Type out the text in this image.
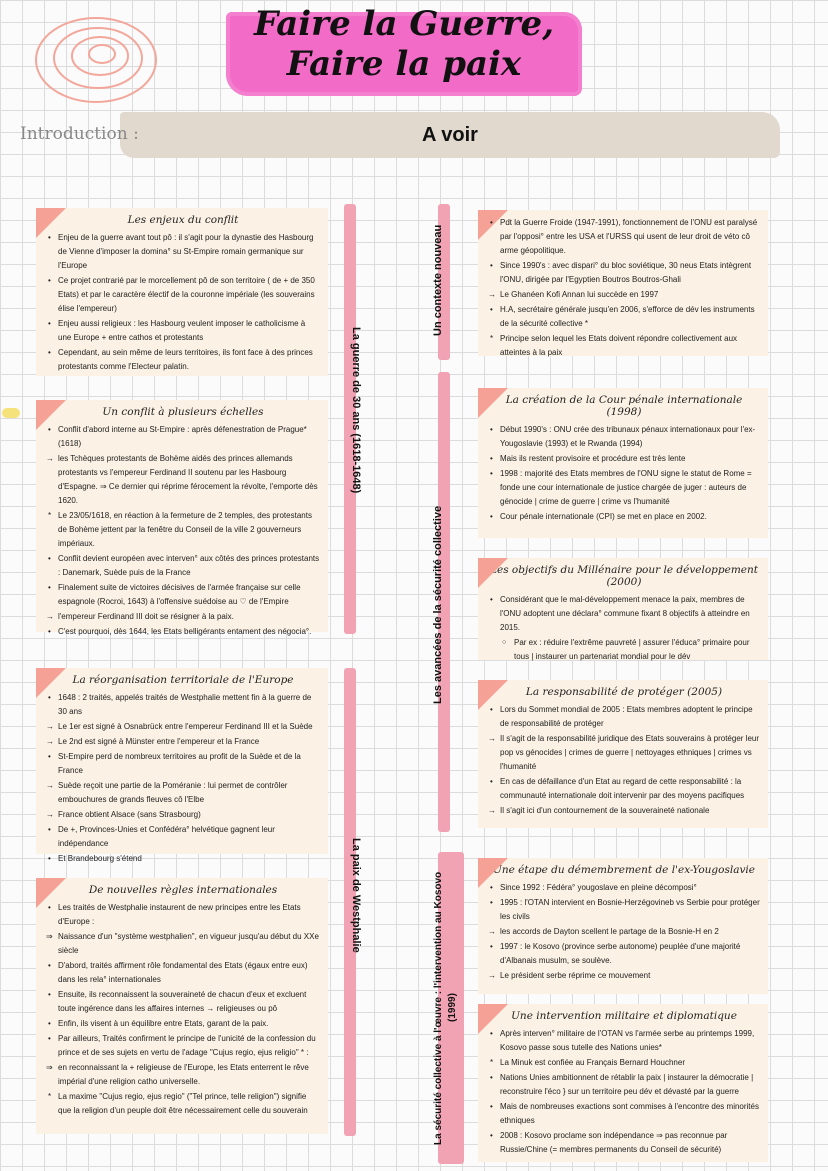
Faire la Guerre,
Faire la paix
Introduction :	A voir
Les enjeux du conflit
• Enjeu de la guerre avant tout pô : il s'agit pour la dynastie des Hasbourg de Vienne d'imposer la domina° su St-Empire romain germanique sur l'Europe
• Ce projet contrarié par le morcellement pô de son territoire ( de + de 350 Etats) et par le caractère électif de la couronne impériale (les souverains élise l'empereur)
• Enjeu aussi religieux : les Hasbourg veulent imposer le catholicisme à une Europe + entre cathos et protestants
• Cependant, au sein même de leurs territoires, ils font face à des princes protestants comme l'Electeur palatin.
Un conflit à plusieurs échelles
• Conflit d'abord interne au St-Empire : après défenestration de Prague* (1618)
→ les Tchèques protestants de Bohème aidés des princes allemands protestants vs l'empereur Ferdinand II soutenu par les Hasbourg d'Espagne. ⇒ Ce dernier qui réprime férocement la révolte, l'emporte dès 1620.
* Le 23/05/1618, en réaction à la fermeture de 2 temples, des protestants de Bohème jettent par la fenêtre du Conseil de la ville 2 gouverneurs impériaux.
• Conflit devient européen avec interven° aux côtés des princes protestants : Danemark, Suède puis de la France
• Finalement suite de victoires décisives de l'armée française sur celle espagnole (Rocroi, 1643) à l'offensive suédoise au ♡ de l'Empire
→ l'empereur Ferdinand III doit se résigner à la paix.
• C'est pourquoi, dès 1644, les Etats belligérants entament des négocia°.
La réorganisation territoriale de l'Europe
• 1648 : 2 traités, appelés traités de Westphalie mettent fin à la guerre de 30 ans
→ Le 1er est signé à Osnabrück entre l'empereur Ferdinand III et la Suède
→ Le 2nd est signé à Münster entre l'empereur et la France
• St-Empire perd de nombreux territoires au profit de la Suède et de la France
→ Suède reçoit une partie de la Poméranie : lui permet de contrôler embouchures de grands fleuves cô l'Elbe
→ France obtient Alsace (sans Strasbourg)
• De +, Provinces-Unies et Confédéra° helvétique gagnent leur indépendance
• Et Brandebourg s'étend
De nouvelles règles internationales
• Les traités de Westphalie instaurent de new principes entre les Etats d'Europe :
⇒ Naissance d'un "système westphalien", en vigueur jusqu'au début du XXe siècle
• D'abord, traités affirment rôle fondamental des Etats (égaux entre eux) dans les rela° internationales
• Ensuite, ils reconnaissent la souveraineté de chacun d'eux et excluent toute ingérence dans les affaires internes → religieuses ou pô
• Enfin, ils visent à un équilibre entre Etats, garant de la paix.
• Par ailleurs, Traités confirment le principe de l'unicité de la confession du prince et de ses sujets en vertu de l'adage "Cujus regio, ejus religio" * :
⇒ en reconnaissant la + religieuse de l'Europe, les Etats enterrent le rêve impérial d'une religion catho universelle.
* La maxime "Cujus regio, ejus regio" ("Tel prince, telle religion") signifie que la religion d'un peuple doit être nécessairement celle du souverain
La guerre de 30 ans (1618-1648)
La paix de Westphalie
Un contexte nouveau
Les avancées de la sécurité collective
La sécurité collective à l'œuvre : l'intervention au Kosovo (1999)
• Pdt la Guerre Froide (1947-1991), fonctionnement de l'ONU est paralysé par l'opposi° entre les USA et l'URSS qui usent de leur droit de véto cô arme géopolitique.
• Since 1990's : avec dispari° du bloc soviétique, 30 neus Etats intègrent l'ONU, dirigée par l'Egyptien Boutros Boutros-Ghali
→ Le Ghanéen Kofi Annan lui succède en 1997
• H.A, secrétaire générale jusqu'en 2006, s'efforce de dév les instruments de la sécurité collective *
* Principe selon lequel les Etats doivent répondre collectivement aux atteintes à la paix
La création de la Cour pénale internationale (1998)
• Début 1990's : ONU crée des tribunaux pénaux internationaux pour l'ex-Yougoslavie (1993) et le Rwanda (1994)
• Mais ils restent provisoire et procédure est très lente
• 1998 : majorité des Etats membres de l'ONU signe le statut de Rome = fonde une cour internationale de justice chargée de juger : auteurs de génocide | crime de guerre | crime vs l'humanité
• Cour pénale internationale (CPI) se met en place en 2002.
Les objectifs du Millénaire pour le développement (2000)
• Considérant que le mal-développement menace la paix, membres de l'ONU adoptent une déclara° commune fixant 8 objectifs à atteindre en 2015.
○ Par ex : réduire l'extrême pauvreté | assurer l'éduca° primaire pour tous | instaurer un partenariat mondial pour le dév
La responsabilité de protéger (2005)
• Lors du Sommet mondial de 2005 : Etats membres adoptent le principe de responsabilité de protéger
→ Il s'agit de la responsabilité juridique des Etats souverains à protéger leur pop vs génocides | crimes de guerre | nettoyages ethniques | crimes vs l'humanité
• En cas de défaillance d'un Etat au regard de cette responsabilité : la communauté internationale doit intervenir par des moyens pacifiques
→ Il s'agit ici d'un contournement de la souveraineté nationale
Une étape du démembrement de l'ex-Yougoslavie
• Since 1992 : Fédéra° yougoslave en pleine décomposi°
• 1995 : l'OTAN intervient en Bosnie-Herzégovineb vs Serbie pour protéger les civils
→ les accords de Dayton scellent le partage de la Bosnie-H en 2
• 1997 : le Kosovo (province serbe autonome) peuplée d'une majorité d'Albanais musulm, se soulève.
→ Le président serbe réprime ce mouvement
Une intervention militaire et diplomatique
• Après interven° militaire de l'OTAN vs l'armée serbe au printemps 1999, Kosovo passe sous tutelle des Nations unies*
* La Minuk est confiée au Français Bernard Houchner
• Nations Unies ambitionnent de rétablir la paix | instaurer la démocratie | reconstruire l'éco } sur un territoire peu dév et dévasté par la guerre
• Mais de nombreuses exactions sont commises à l'encontre des minorités ethniques
• 2008 : Kosovo proclame son indépendance ⇒ pas reconnue par Russie/Chine (= membres permanents du Conseil de sécurité)
